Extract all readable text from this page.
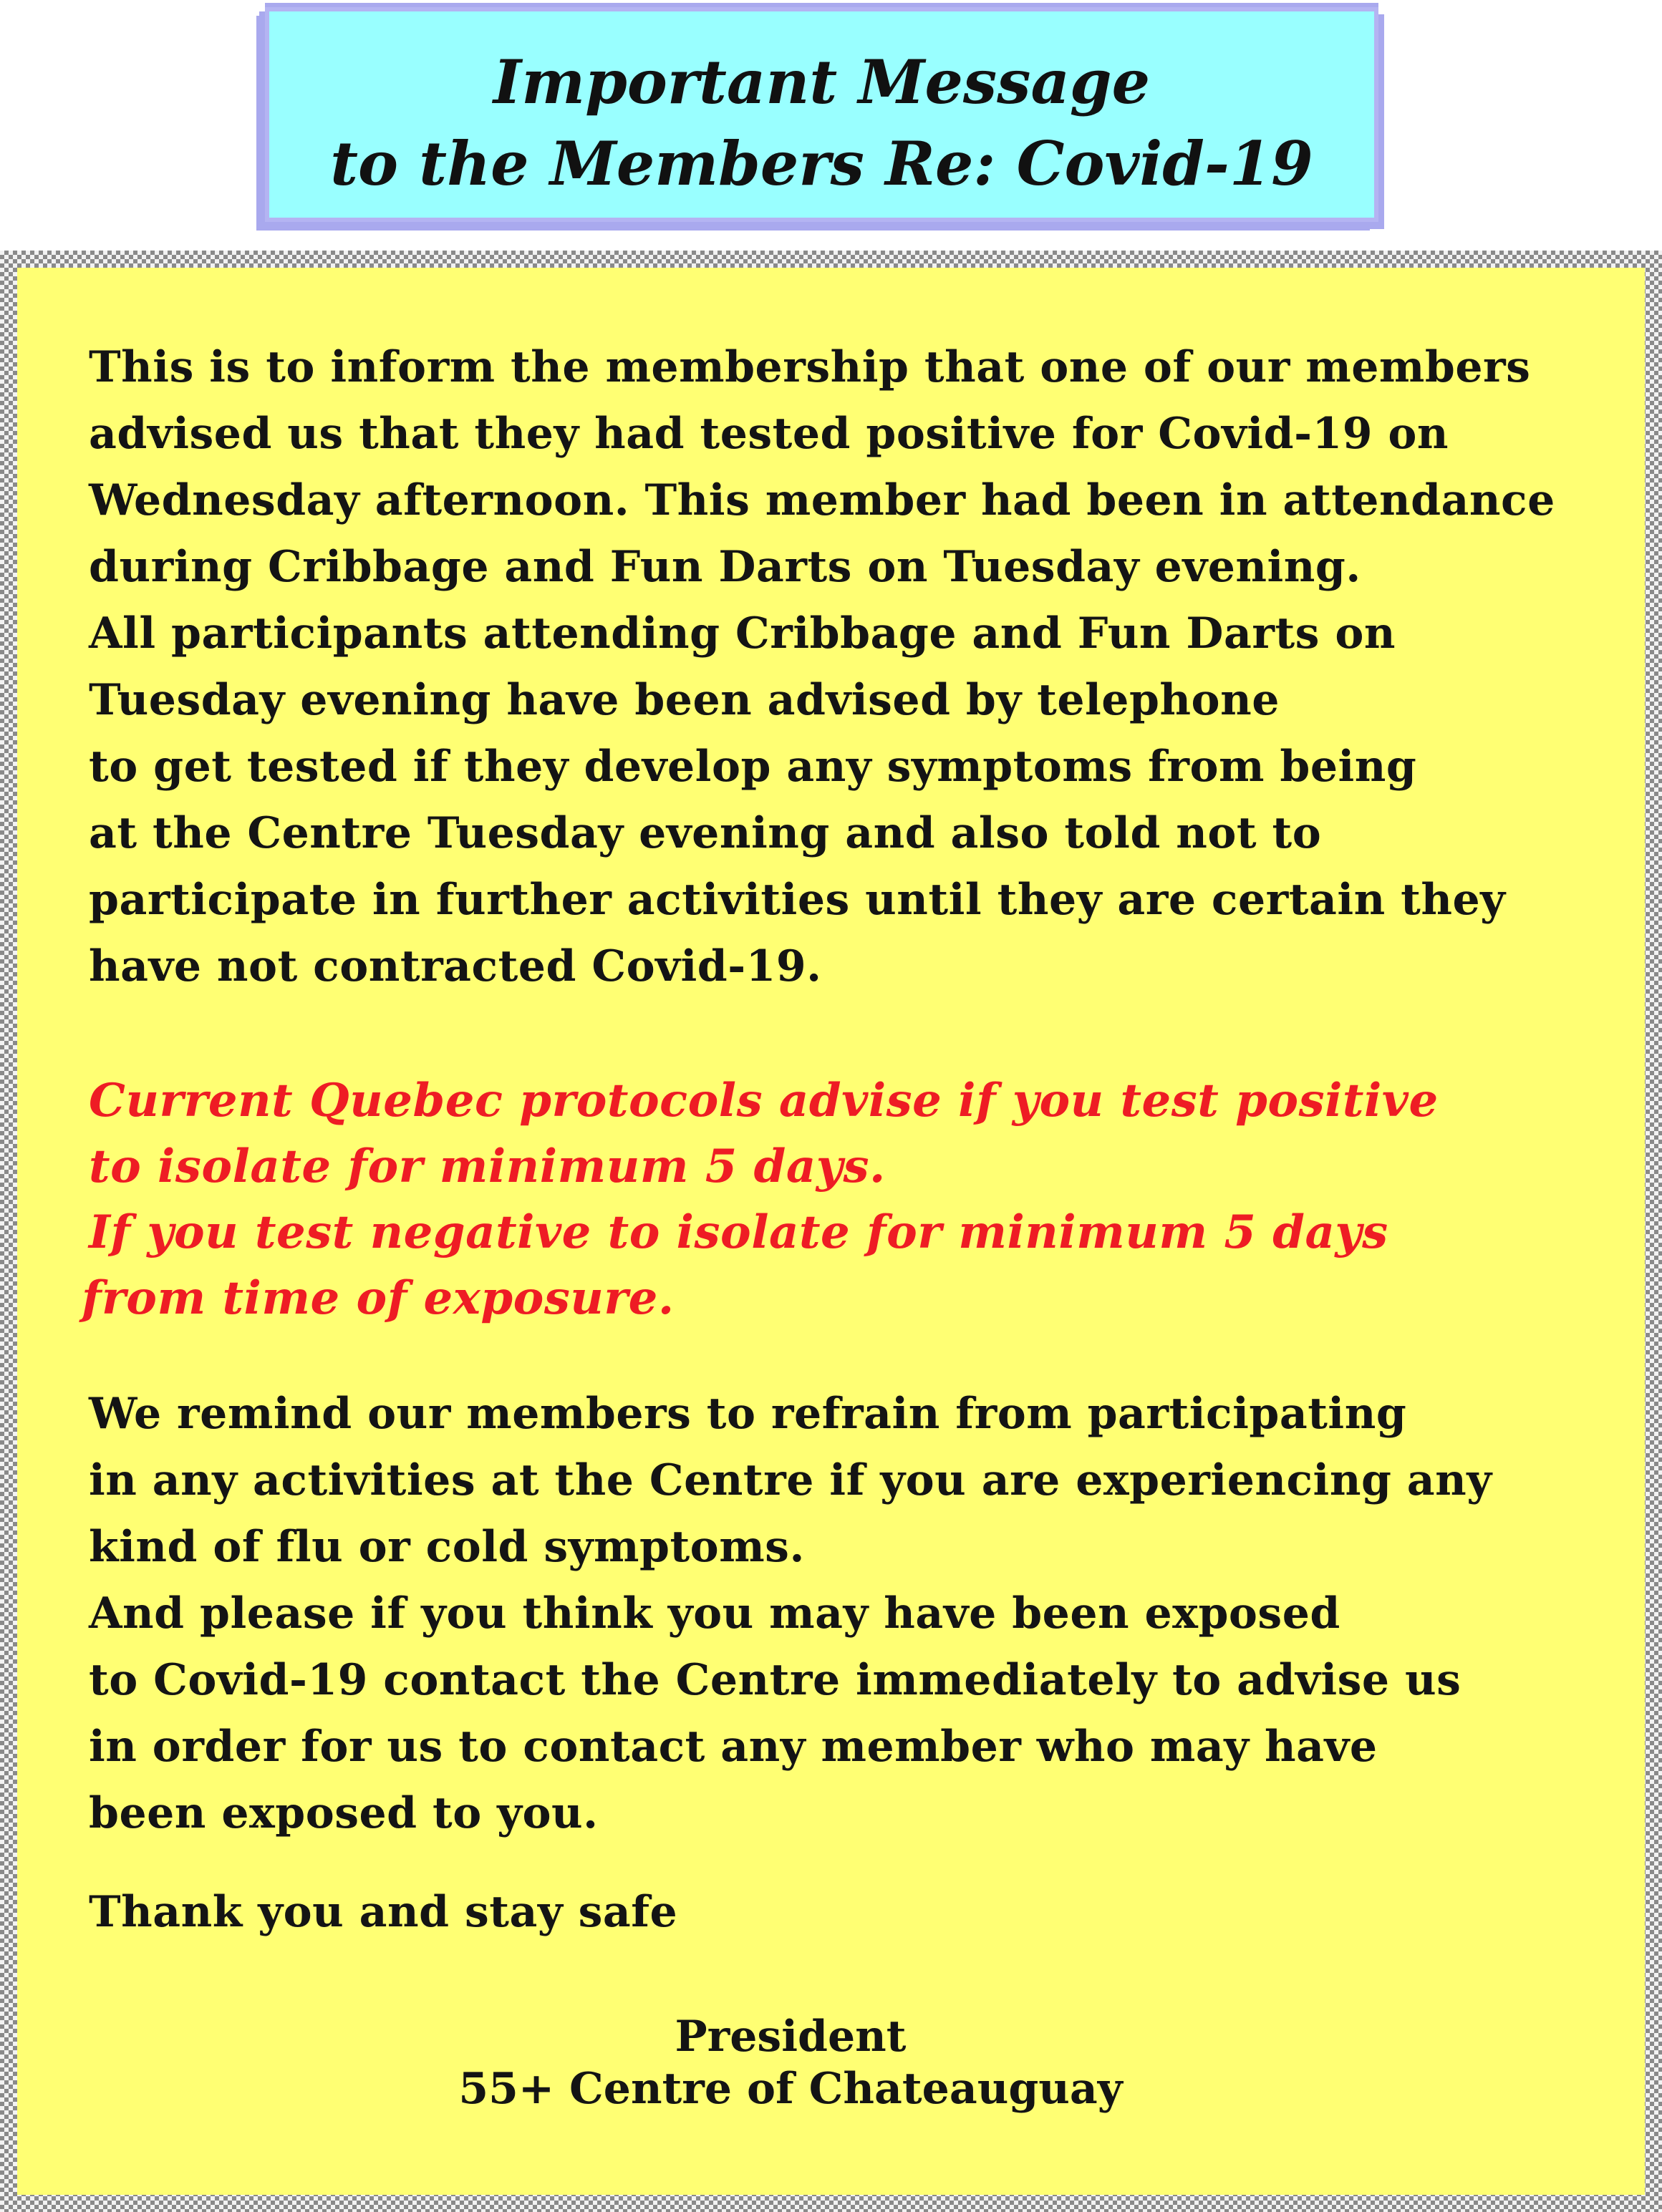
Important Message
to the Members Re: Covid-19
This is to inform the membership that one of our members
advised us that they had tested positive for Covid-19 on
Wednesday afternoon. This member had been in attendance
during Cribbage and Fun Darts on Tuesday evening.
All participants attending Cribbage and Fun Darts on
Tuesday evening have been advised by telephone
to get tested if they develop any symptoms from being
at the Centre Tuesday evening and also told not to
participate in further activities until they are certain they
have not contracted Covid-19.
Current Quebec protocols advise if you test positive
to isolate for minimum 5 days.
If you test negative to isolate for minimum 5 days
from time of exposure.
We remind our members to refrain from participating
in any activities at the Centre if you are experiencing any
kind of flu or cold symptoms.
And please if you think you may have been exposed
to Covid-19 contact the Centre immediately to advise us
in order for us to contact any member who may have
been exposed to you.
Thank you and stay safe
President
55+ Centre of Chateauguay
